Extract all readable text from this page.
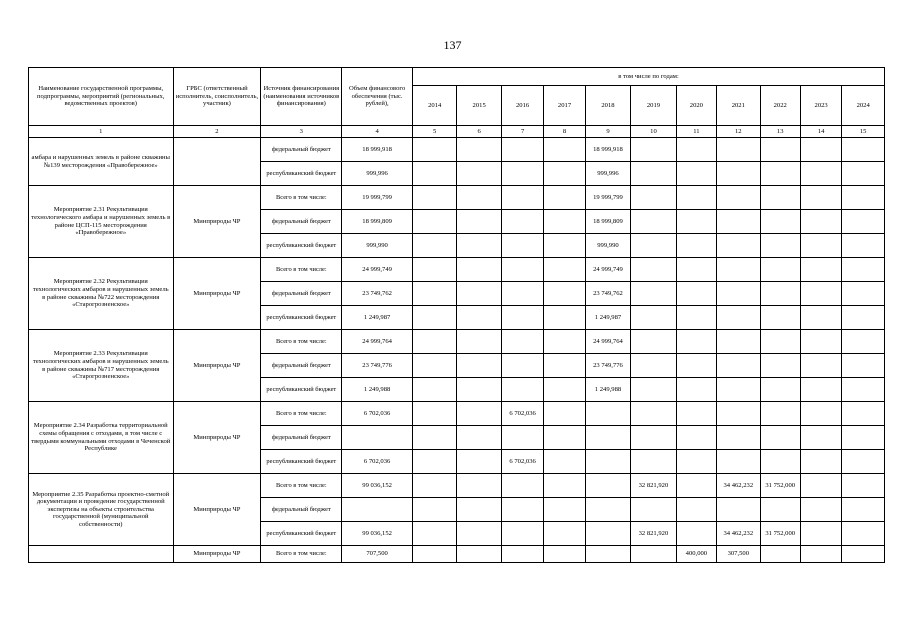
137
Наименование государственной программы, подпрограммы, мероприятий (региональных, ведомственных проектов)	ГРБС (ответственный исполнитель, соисполнитель, участник)	Источник финансирования (наименования источников финансирования)	Объем финансового обеспечения (тыс. рублей),	в том числе по годам:										
				2014	2015	2016	2017	2018	2019	2020	2021	2022	2023	2024
1	2	3	4	5	6	7	8	9	10	11	12	13	14	15
амбара и нарушенных земель в районе скважины №139 месторождения «Правобережное»		федеральный бюджет	18 999,918					18 999,918						
		республиканский бюджет	999,996					999,996						
Мероприятие 2.31 Рекультивация технологического амбара и нарушенных земель в районе ЦСП-115 месторождения «Правобережное»	Минприроды ЧР	Всего в том числе:	19 999,799					19 999,799						
		федеральный бюджет	18 999,809					18 999,809						
		республиканский бюджет	999,990					999,990						
Мероприятие 2.32 Рекультивация технологических амбаров и нарушенных земель в районе скважины №722 месторождения «Старогрозненское»	Минприроды ЧР	Всего в том числе:	24 999,749					24 999,749						
		федеральный бюджет	23 749,762					23 749,762						
		республиканский бюджет	1 249,987					1 249,987						
Мероприятие 2.33 Рекультивация технологических амбаров и нарушенных земель в районе скважины №717 месторождения «Старогрозненское»	Минприроды ЧР	Всего в том числе:	24 999,764					24 999,764						
		федеральный бюджет	23 749,776					23 749,776						
		республиканский бюджет	1 249,988					1 249,988						
Мероприятие 2.34 Разработка территориальной схемы обращения с отходами, в том числе с твердыми коммунальными отходами в Чеченской Республике	Минприроды ЧР	Всего в том числе:	6 702,036			6 702,036								
		федеральный бюджет												
		республиканский бюджет	6 702,036			6 702,036								
Мероприятие 2.35 Разработка проектно-сметной документации и проведение государственной экспертизы на объекты строительства государственной (муниципальной собственности)	Минприроды ЧР	Всего в том числе:	99 036,152						32 821,920		34 462,232	31 752,000		
		федеральный бюджет												
		республиканский бюджет	99 036,152						32 821,920		34 462,232	31 752,000		
	Минприроды ЧР	Всего в том числе:	707,500							400,000	307,500			
